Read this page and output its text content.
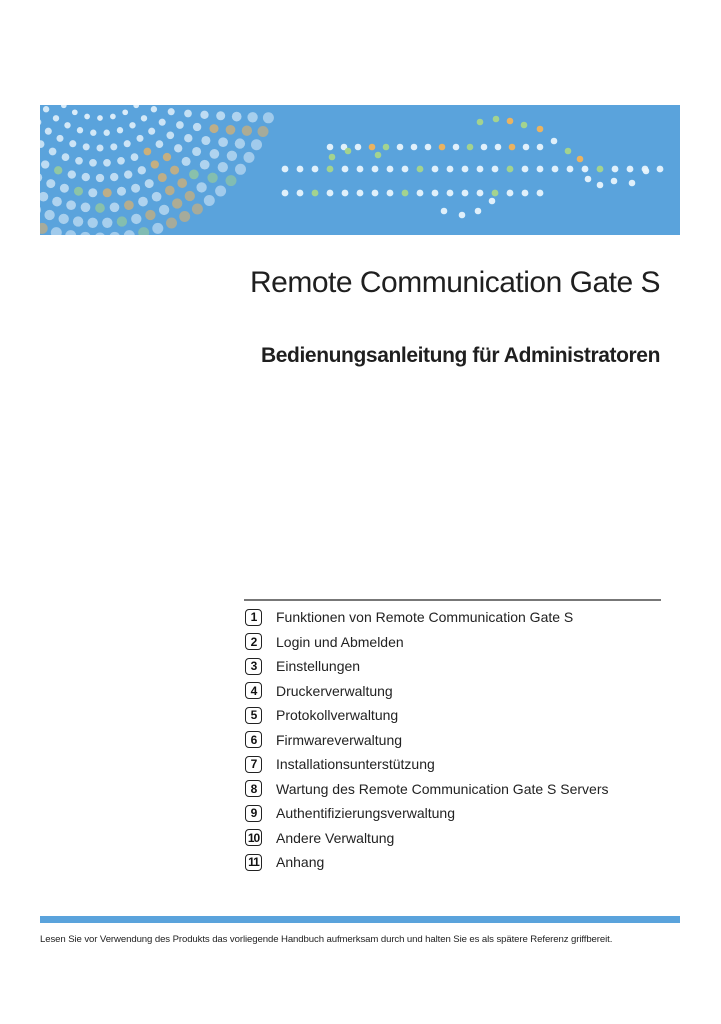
Remote Communication Gate S
Bedienungsanleitung für Administratoren
1	Funktionen von Remote Communication Gate S
2	Login und Abmelden
3	Einstellungen
4	Druckerverwaltung
5	Protokollverwaltung
6	Firmwareverwaltung
7	Installationsunterstützung
8	Wartung des Remote Communication Gate S Servers
9	Authentifizierungsverwaltung
10 Andere Verwaltung
11 Anhang

Lesen Sie vor Verwendung des Produkts das vorliegende Handbuch aufmerksam durch und halten Sie es als spätere Referenz griffbereit.
